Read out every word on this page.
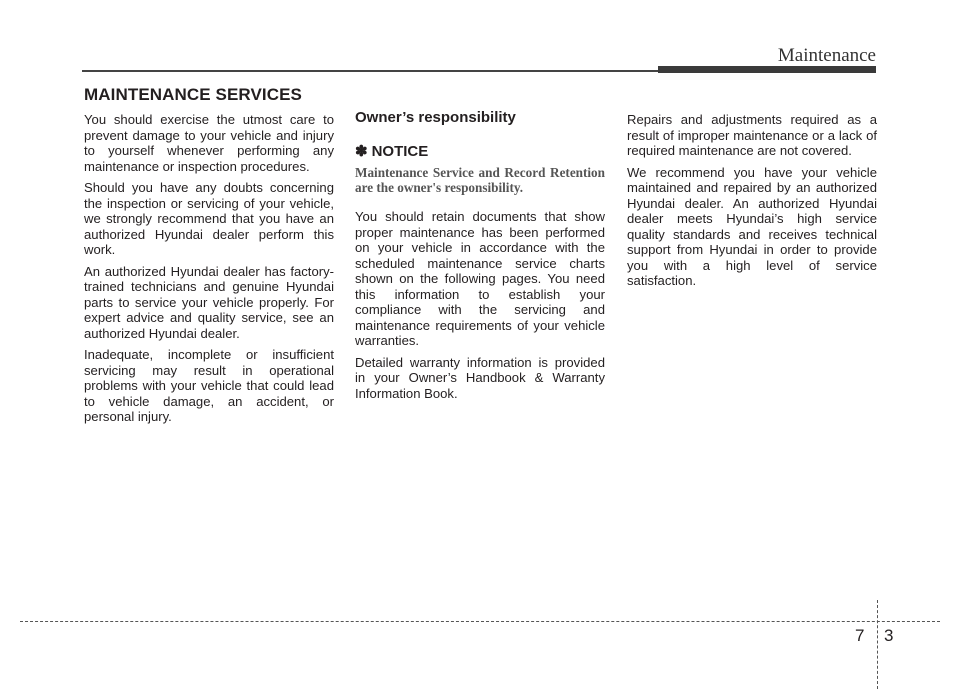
Maintenance
MAINTENANCE SERVICES

You should exercise the utmost care to prevent damage to your vehicle and injury to yourself whenever performing any maintenance or inspection procedures.

Should you have any doubts concerning the inspection or servicing of your vehicle, we strongly recommend that you have an authorized Hyundai dealer perform this work.

An authorized Hyundai dealer has factory-trained technicians and genuine Hyundai parts to service your vehicle properly. For expert advice and quality service, see an authorized Hyundai dealer.

Inadequate, incomplete or insufficient servicing may result in operational problems with your vehicle that could lead to vehicle damage, an accident, or personal injury.

Owner’s responsibility
✽ NOTICE
Maintenance Service and Record Retention are the owner's responsibility.

You should retain documents that show proper maintenance has been performed on your vehicle in accordance with the scheduled maintenance service charts shown on the following pages. You need this information to establish your compliance with the servicing and maintenance requirements of your vehicle warranties.

Detailed warranty information is provided in your Owner’s Handbook & Warranty Information Book.

Repairs and adjustments required as a result of improper maintenance or a lack of required maintenance are not covered.

We recommend you have your vehicle maintained and repaired by an authorized Hyundai dealer. An authorized Hyundai dealer meets Hyundai’s high service quality standards and receives technical support from Hyundai in order to provide you with a high level of service satisfaction.

7 3
